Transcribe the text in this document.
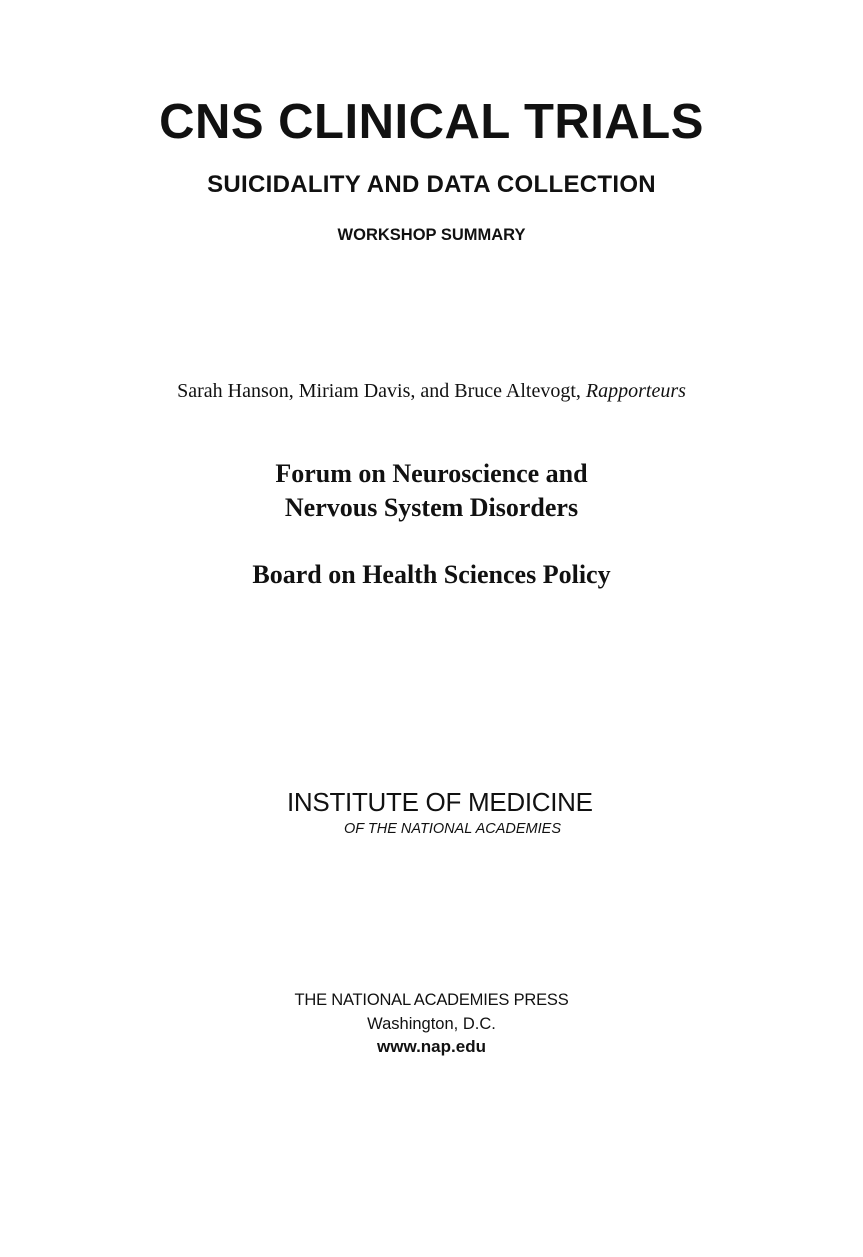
CNS CLINICAL TRIALS
SUICIDALITY AND DATA COLLECTION
WORKSHOP SUMMARY
Sarah Hanson, Miriam Davis, and Bruce Altevogt, Rapporteurs
Forum on Neuroscience and
Nervous System Disorders
Board on Health Sciences Policy
INSTITUTE OF MEDICINE
OF THE NATIONAL ACADEMIES
THE NATIONAL ACADEMIES PRESS
Washington, D.C.
www.nap.edu
